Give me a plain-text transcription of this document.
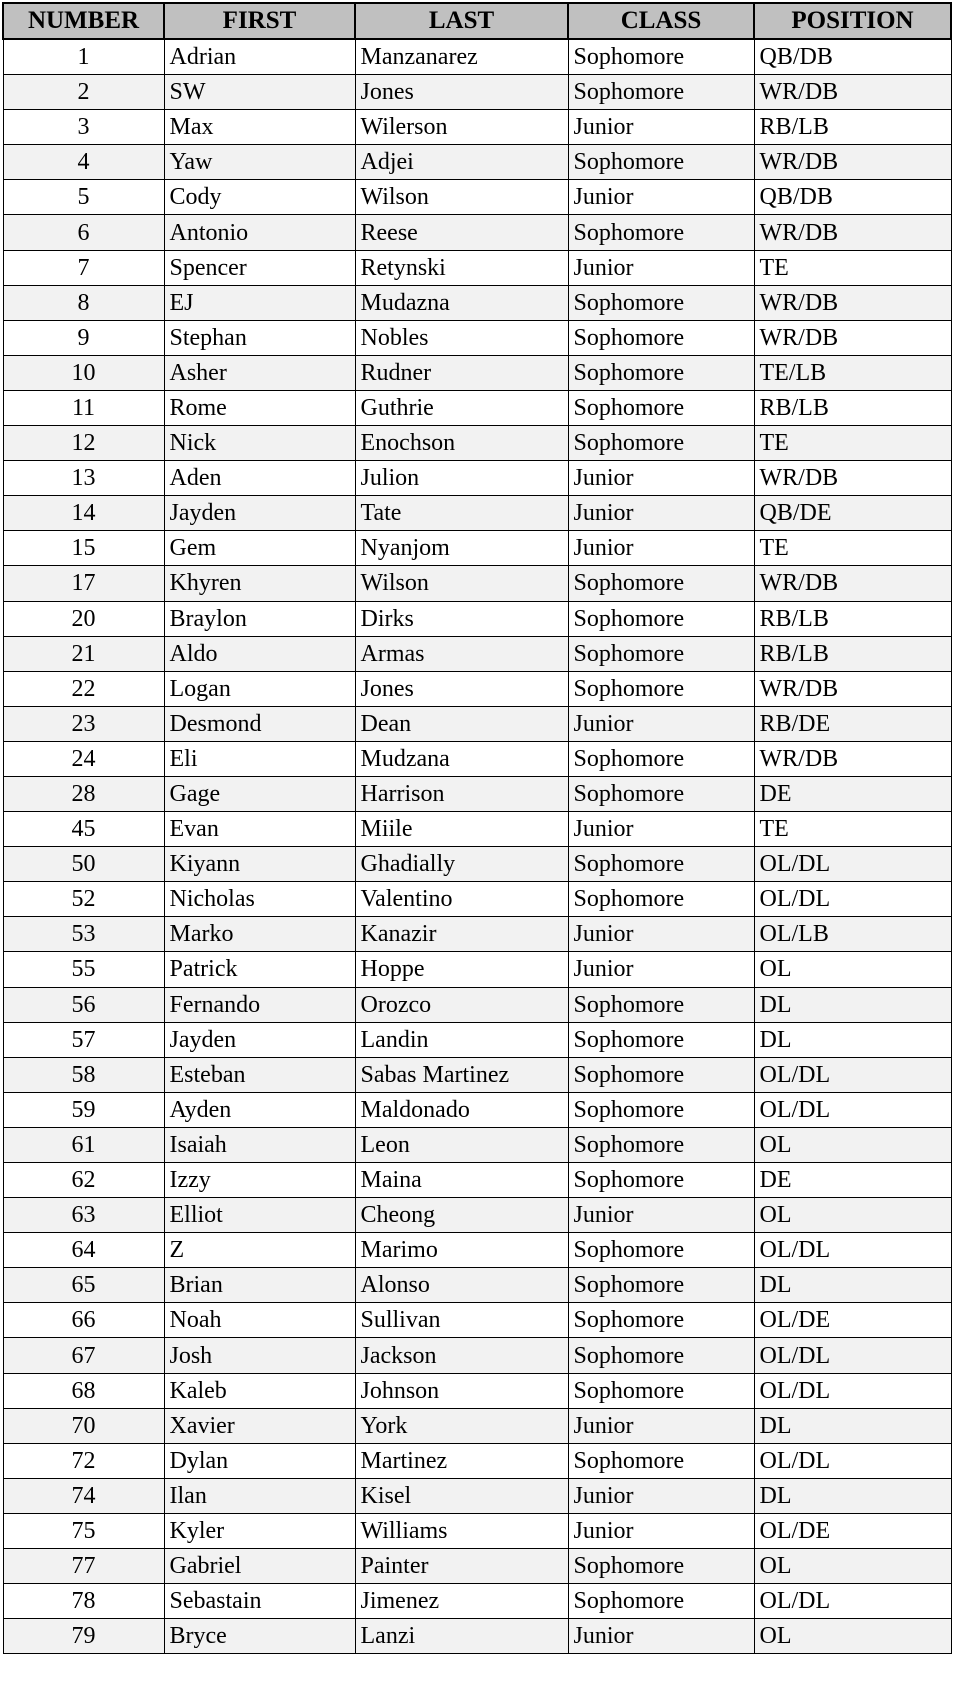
NUMBER	FIRST	LAST	CLASS	POSITION
1	Adrian	Manzanarez	Sophomore	QB/DB
2	SW	Jones	Sophomore	WR/DB
3	Max	Wilerson	Junior	RB/LB
4	Yaw	Adjei	Sophomore	WR/DB
5	Cody	Wilson	Junior	QB/DB
6	Antonio	Reese	Sophomore	WR/DB
7	Spencer	Retynski	Junior	TE
8	EJ	Mudazna	Sophomore	WR/DB
9	Stephan	Nobles	Sophomore	WR/DB
10	Asher	Rudner	Sophomore	TE/LB
11	Rome	Guthrie	Sophomore	RB/LB
12	Nick	Enochson	Sophomore	TE
13	Aden	Julion	Junior	WR/DB
14	Jayden	Tate	Junior	QB/DE
15	Gem	Nyanjom	Junior	TE
17	Khyren	Wilson	Sophomore	WR/DB
20	Braylon	Dirks	Sophomore	RB/LB
21	Aldo	Armas	Sophomore	RB/LB
22	Logan	Jones	Sophomore	WR/DB
23	Desmond	Dean	Junior	RB/DE
24	Eli	Mudzana	Sophomore	WR/DB
28	Gage	Harrison	Sophomore	DE
45	Evan	Miile	Junior	TE
50	Kiyann	Ghadially	Sophomore	OL/DL
52	Nicholas	Valentino	Sophomore	OL/DL
53	Marko	Kanazir	Junior	OL/LB
55	Patrick	Hoppe	Junior	OL
56	Fernando	Orozco	Sophomore	DL
57	Jayden	Landin	Sophomore	DL
58	Esteban	Sabas Martinez	Sophomore	OL/DL
59	Ayden	Maldonado	Sophomore	OL/DL
61	Isaiah	Leon	Sophomore	OL
62	Izzy	Maina	Sophomore	DE
63	Elliot	Cheong	Junior	OL
64	Z	Marimo	Sophomore	OL/DL
65	Brian	Alonso	Sophomore	DL
66	Noah	Sullivan	Sophomore	OL/DE
67	Josh	Jackson	Sophomore	OL/DL
68	Kaleb	Johnson	Sophomore	OL/DL
70	Xavier	York	Junior	DL
72	Dylan	Martinez	Sophomore	OL/DL
74	Ilan	Kisel	Junior	DL
75	Kyler	Williams	Junior	OL/DE
77	Gabriel	Painter	Sophomore	OL
78	Sebastain	Jimenez	Sophomore	OL/DL
79	Bryce	Lanzi	Junior	OL
